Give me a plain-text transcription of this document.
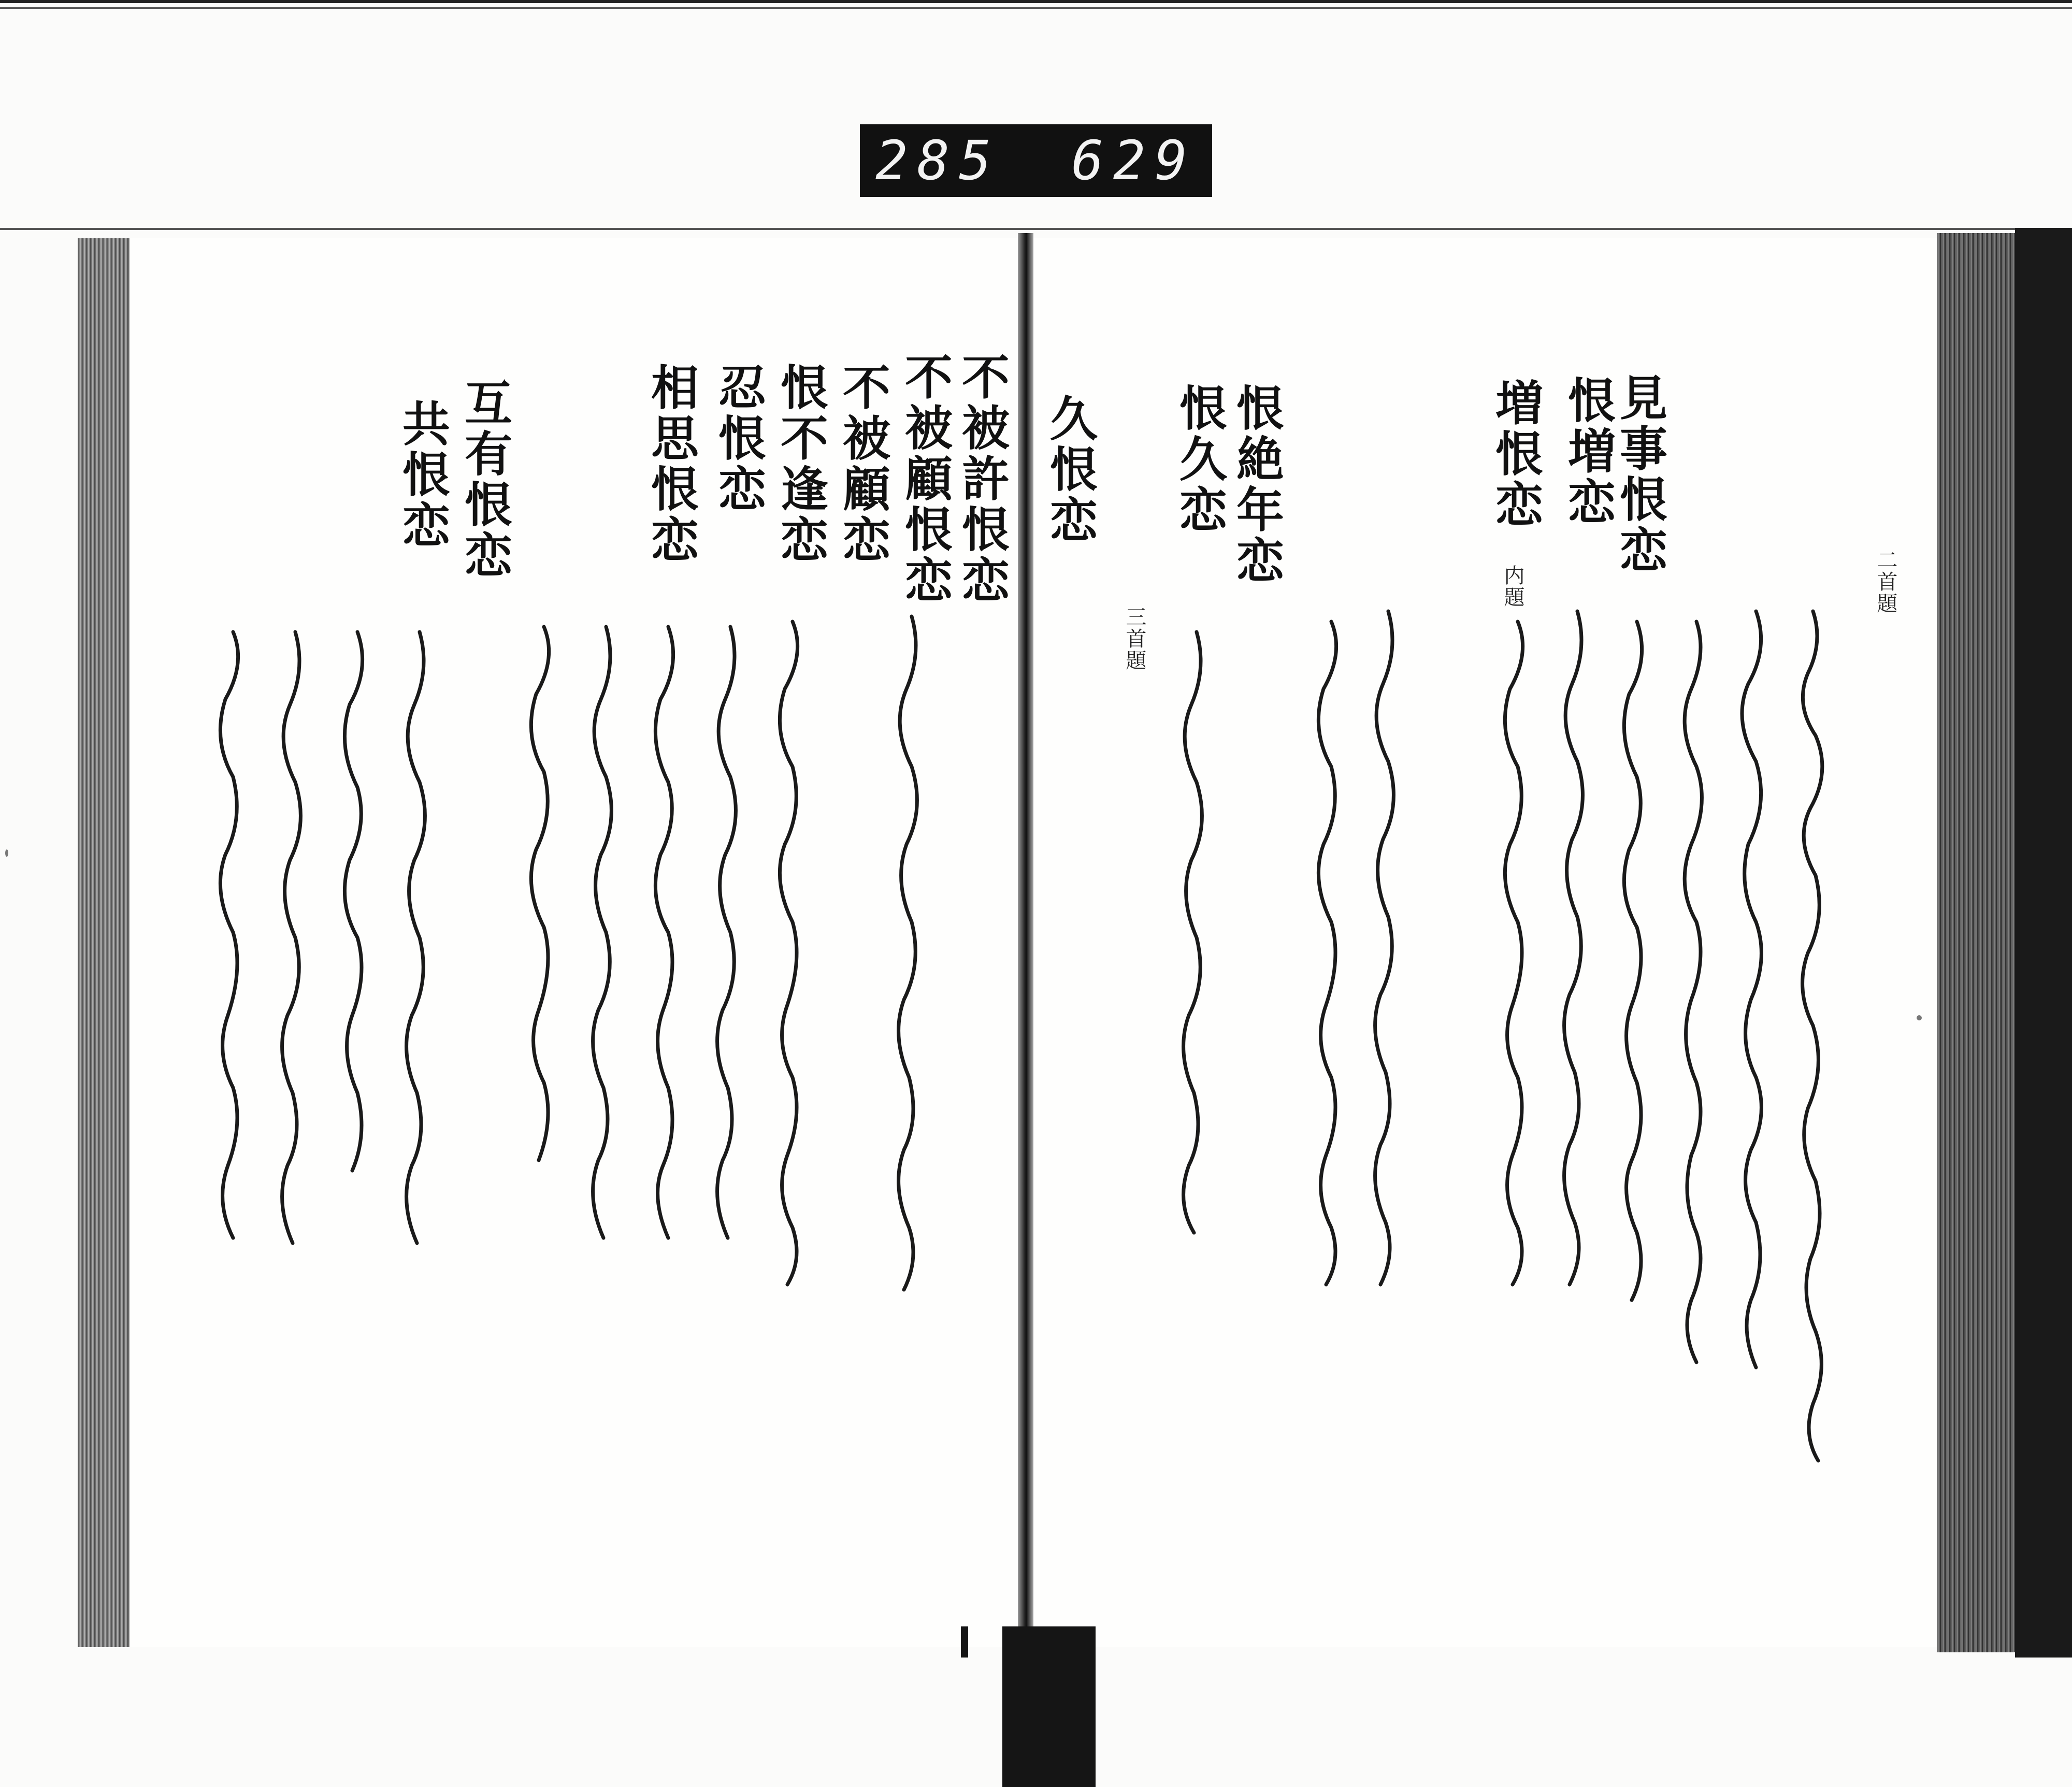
285 629
二首題
見事恨恋
恨増恋
増恨恋
内題
恨絶年恋
恨久恋
久恨恋
三首題
不被許恨恋
不被顧恨恋
不被顧恋
恨不逢恋
忍恨恋
相思恨恋
互有恨恋
共恨恋
